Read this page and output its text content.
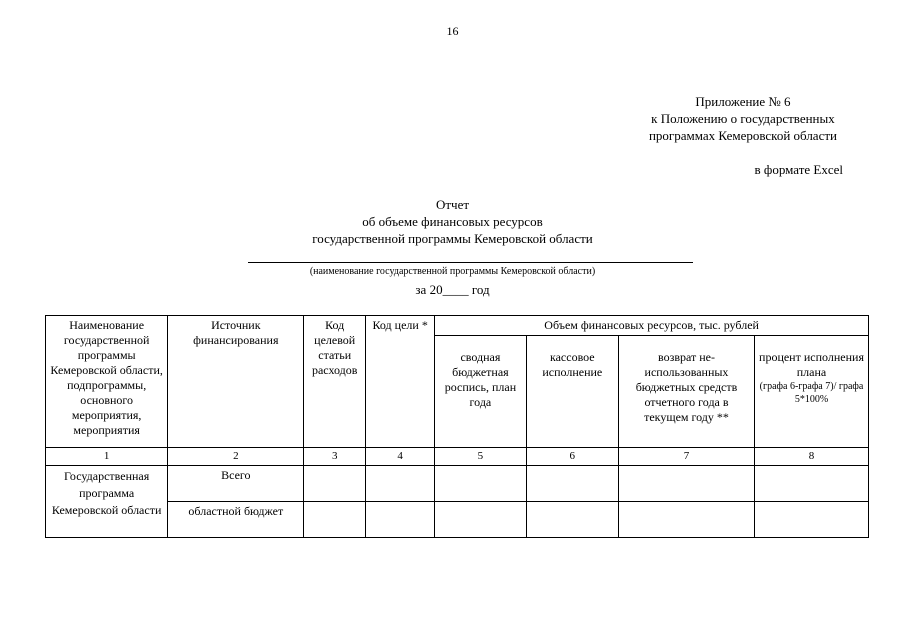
16
Приложение № 6
к Положению о государственных
программах Кемеровской области
в формате Excel
Отчет
об объеме финансовых ресурсов
государственной программы Кемеровской области
(наименование государственной программы Кемеровской области)
за 20____ год
Наименование государственной программы Кемеровской области, подпрограммы, основного мероприятия, мероприятия	Источник финансирования	Код целевой статьи расходов	Код цели *	Объем финансовых ресурсов, тыс. рублей			
				сводная бюджетная роспись, план года	кассовое исполнение	возврат не-использованных бюджетных средств отчетного года в текущем году **	процент исполнения плана
(графа 6-графа 7)/ графа 5*100%

1	2	3	4	5	6	7	8
Государственная программа Кемеровской области	Всего						
	областной бюджет						
